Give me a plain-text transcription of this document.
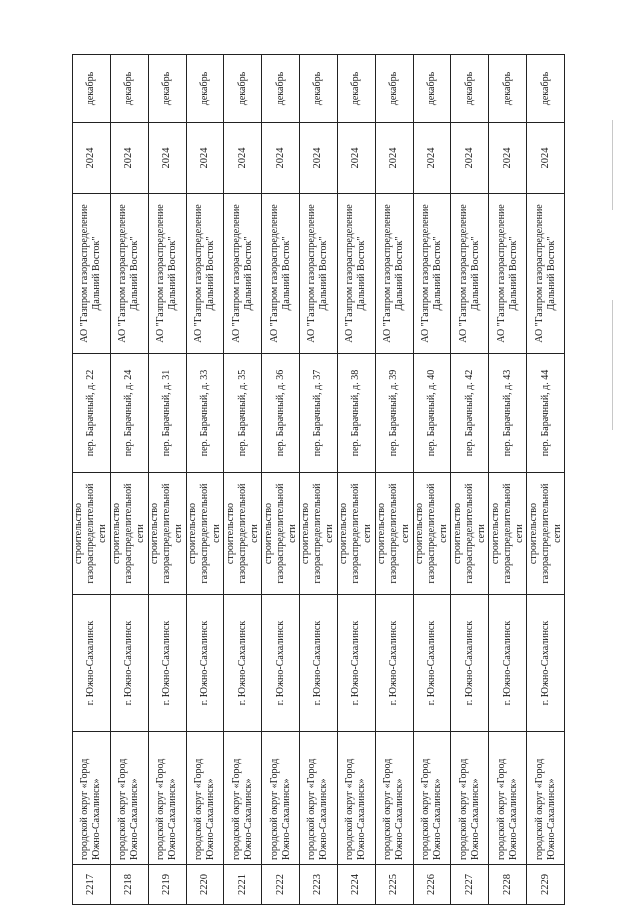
2217	городской округ «Город Южно-Сахалинск»	г. Южно-Сахалинск	строительство газораспределительной сети	пер. Барачный, д. 22	АО "Газпром газораспределение Дальний Восток"	2024	декабрь
2218	городской округ «Город Южно-Сахалинск»	г. Южно-Сахалинск	строительство газораспределительной сети	пер. Барачный, д. 24	АО "Газпром газораспределение Дальний Восток"	2024	декабрь
2219	городской округ «Город Южно-Сахалинск»	г. Южно-Сахалинск	строительство газораспределительной сети	пер. Барачный, д. 31	АО "Газпром газораспределение Дальний Восток"	2024	декабрь
2220	городской округ «Город Южно-Сахалинск»	г. Южно-Сахалинск	строительство газораспределительной сети	пер. Барачный, д. 33	АО "Газпром газораспределение Дальний Восток"	2024	декабрь
2221	городской округ «Город Южно-Сахалинск»	г. Южно-Сахалинск	строительство газораспределительной сети	пер. Барачный, д. 35	АО "Газпром газораспределение Дальний Восток"	2024	декабрь
2222	городской округ «Город Южно-Сахалинск»	г. Южно-Сахалинск	строительство газораспределительной сети	пер. Барачный, д. 36	АО "Газпром газораспределение Дальний Восток"	2024	декабрь
2223	городской округ «Город Южно-Сахалинск»	г. Южно-Сахалинск	строительство газораспределительной сети	пер. Барачный, д. 37	АО "Газпром газораспределение Дальний Восток"	2024	декабрь
2224	городской округ «Город Южно-Сахалинск»	г. Южно-Сахалинск	строительство газораспределительной сети	пер. Барачный, д. 38	АО "Газпром газораспределение Дальний Восток"	2024	декабрь
2225	городской округ «Город Южно-Сахалинск»	г. Южно-Сахалинск	строительство газораспределительной сети	пер. Барачный, д. 39	АО "Газпром газораспределение Дальний Восток"	2024	декабрь
2226	городской округ «Город Южно-Сахалинск»	г. Южно-Сахалинск	строительство газораспределительной сети	пер. Барачный, д. 40	АО "Газпром газораспределение Дальний Восток"	2024	декабрь
2227	городской округ «Город Южно-Сахалинск»	г. Южно-Сахалинск	строительство газораспределительной сети	пер. Барачный, д. 42	АО "Газпром газораспределение Дальний Восток"	2024	декабрь
2228	городской округ «Город Южно-Сахалинск»	г. Южно-Сахалинск	строительство газораспределительной сети	пер. Барачный, д. 43	АО "Газпром газораспределение Дальний Восток"	2024	декабрь
2229	городской округ «Город Южно-Сахалинск»	г. Южно-Сахалинск	строительство газораспределительной сети	пер. Барачный, д. 44	АО "Газпром газораспределение Дальний Восток"	2024	декабрь
